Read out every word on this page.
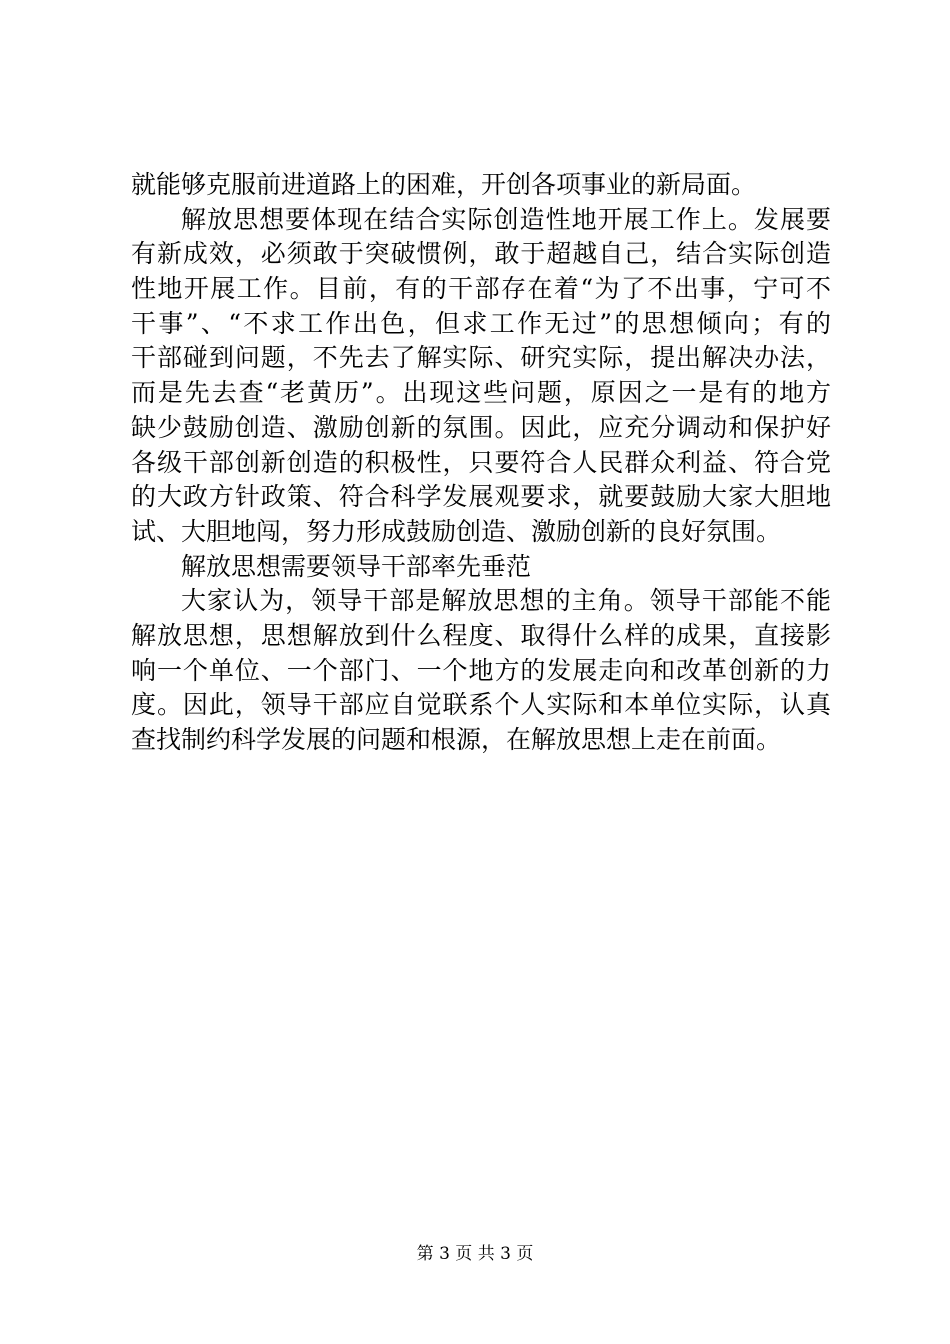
就能够克服前进道路上的困难，开创各项事业的新局面。
解放思想要体现在结合实际创造性地开展工作上。发展要
有新成效，必须敢于突破惯例，敢于超越自己，结合实际创造
性地开展工作。目前，有的干部存在着“为了不出事，宁可不
干事”、“不求工作出色，但求工作无过”的思想倾向；有的
干部碰到问题，不先去了解实际、研究实际，提出解决办法，
而是先去查“老黄历”。出现这些问题，原因之一是有的地方
缺少鼓励创造、激励创新的氛围。因此，应充分调动和保护好
各级干部创新创造的积极性，只要符合人民群众利益、符合党
的大政方针政策、符合科学发展观要求，就要鼓励大家大胆地
试、大胆地闯，努力形成鼓励创造、激励创新的良好氛围。
解放思想需要领导干部率先垂范
大家认为，领导干部是解放思想的主角。领导干部能不能
解放思想，思想解放到什么程度、取得什么样的成果，直接影
响一个单位、一个部门、一个地方的发展走向和改革创新的力
度。因此，领导干部应自觉联系个人实际和本单位实际，认真
查找制约科学发展的问题和根源，在解放思想上走在前面。
第 3 页 共 3 页
